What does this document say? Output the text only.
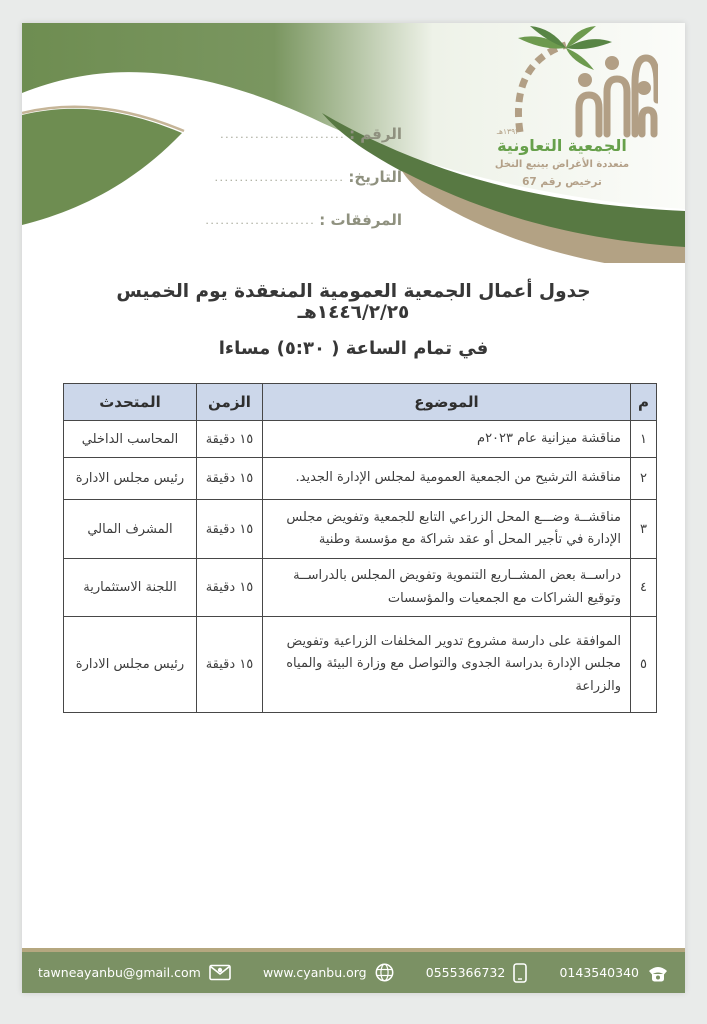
١٣٩٢هـ
الجمعية التعاونية
متعددة الأغراض بينبع النخل
ترخيص رقم 67
الرقم :
.........................
التاريخ:
..........................
المرفقات :
......................
جدول أعمال الجمعية العمومية المنعقدة يوم الخميس ١٤٤٦/٢/٢٥هـ
في تمام الساعة ( ٥:٣٠) مساءا
م	الموضوع	الزمن	المتحدث
١	مناقشة ميزانية عام ٢٠٢٣م	١٥ دقيقة	المحاسب الداخلي
٢	مناقشة الترشيح من الجمعية العمومية لمجلس الإدارة الجديد.	١٥ دقيقة	رئيس مجلس الادارة
٣	مناقشــة وضـــع المحل الزراعي التابع للجمعية وتفويض مجلس الإدارة في تأجير المحل أو عقد شراكة مع مؤسسة وطنية	١٥ دقيقة	المشرف المالي
٤	دراســة بعض المشــاريع التنموية وتفويض المجلس بالدراســة وتوقيع الشراكات مع الجمعيات والمؤسسات	١٥ دقيقة	اللجنة الاستثمارية
٥	الموافقة على دارسة مشروع تدوير المخلفات الزراعية وتفويض مجلس الإدارة بدراسة الجدوى والتواصل مع وزارة البيئة والمياه والزراعة	١٥ دقيقة	رئيس مجلس الادارة
tawneayanbu@gmail.com	www.cyanbu.org	0555366732	0143540340
